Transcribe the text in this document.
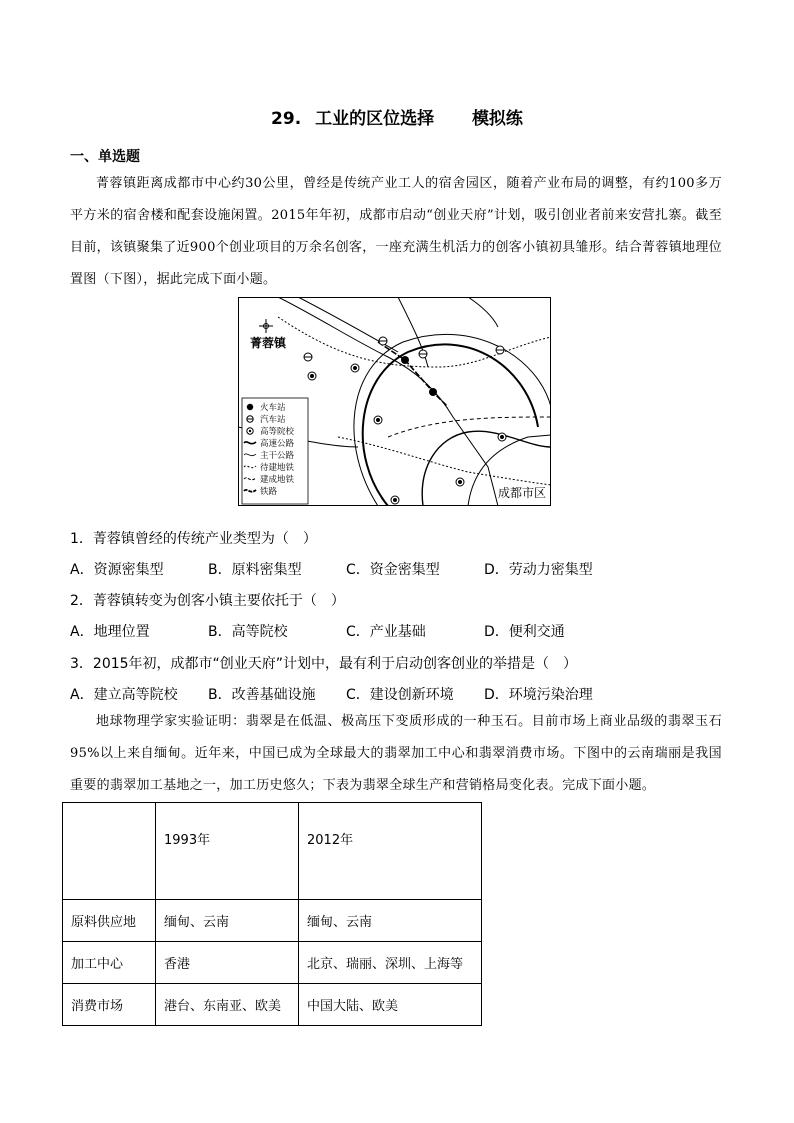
29. 工业的区位选择 模拟练
一、单选题
菁蓉镇距离成都市中心约30公里，曾经是传统产业工人的宿舍园区，随着产业布局的调整，有约100多万平方米的宿舍楼和配套设施闲置。2015年年初，成都市启动“创业天府”计划，吸引创业者前来安营扎寨。截至目前，该镇聚集了近900个创业项目的万余名创客，一座充满生机活力的创客小镇初具雏形。结合菁蓉镇地理位置图（下图），据此完成下面小题。
菁蓉镇
成都市区
火车站
汽车站
高等院校
高速公路
主干公路
待建地铁
建成地铁
铁路
1．菁蓉镇曾经的传统产业类型为（　）
A．资源密集型	B．原料密集型	C．资金密集型	D．劳动力密集型
2．菁蓉镇转变为创客小镇主要依托于（　）
A．地理位置	B．高等院校	C．产业基础	D．便利交通
3．2015年初，成都市“创业天府”计划中，最有利于启动创客创业的举措是（　）
A．建立高等院校	B．改善基础设施	C．建设创新环境	D．环境污染治理
地球物理学家实验证明：翡翠是在低温、极高压下变质形成的一种玉石。目前市场上商业品级的翡翠玉石95%以上来自缅甸。近年来，中国已成为全球最大的翡翠加工中心和翡翠消费市场。下图中的云南瑞丽是我国重要的翡翠加工基地之一，加工历史悠久；下表为翡翠全球生产和营销格局变化表。完成下面小题。
	1993年	2012年
原料供应地	缅甸、云南	缅甸、云南
加工中心	香港	北京、瑞丽、深圳、上海等
消费市场	港台、东南亚、欧美	中国大陆、欧美
